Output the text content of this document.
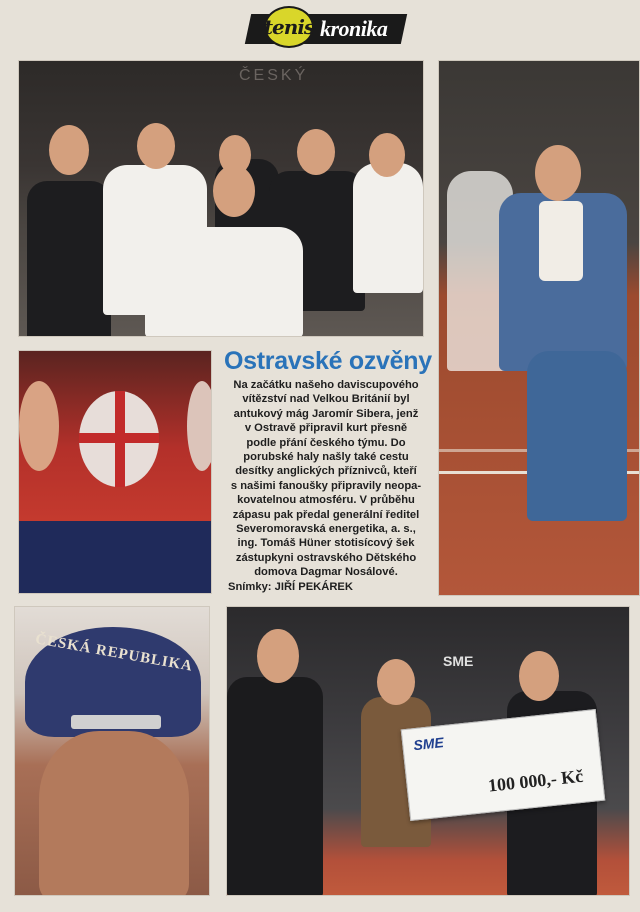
tenis kronika
ČESKÝ
Ostravské ozvěny
Na začátku našeho daviscupového
vítězství nad Velkou Británií byl
antukový mág Jaromír Sibera, jenž
v Ostravě připravil kurt přesně
podle přání českého týmu. Do
porubské haly našly také cestu
desítky anglických příznivců, kteří
s našimi fanoušky připravily neopa-
kovatelnou atmosféru. V průběhu
zápasu pak předal generální ředitel
Severomoravská energetika, a. s.,
ing. Tomáš Hüner stotisícový šek
zástupkyni ostravského Dětského
domova Dagmar Nosálové.
Snímky: JIŘÍ PEKÁREK
ČESKÁ REPUBLIKA	SME
SME
100 000,- Kč
